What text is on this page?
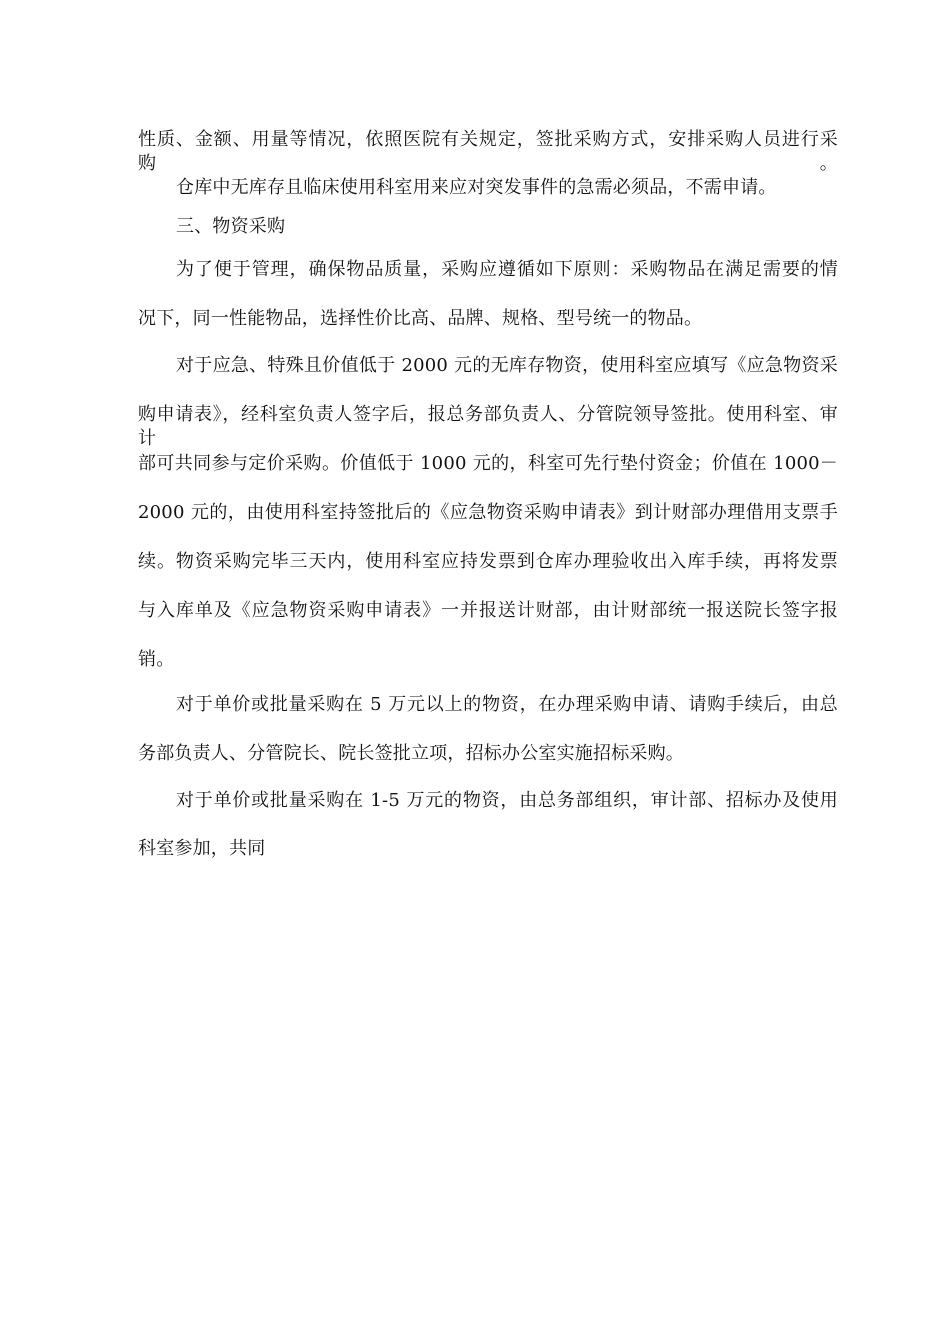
性质、金额、用量等情况，依照医院有关规定，签批采购方式，安排采购人员进行采购。
仓库中无库存且临床使用科室用来应对突发事件的急需必须品，不需申请。
三、物资采购
为了便于管理，确保物品质量，采购应遵循如下原则：采购物品在满足需要的情
况下，同一性能物品，选择性价比高、品牌、规格、型号统一的物品。
对于应急、特殊且价值低于 2000 元的无库存物资，使用科室应填写《应急物资采
购申请表》，经科室负责人签字后，报总务部负责人、分管院领导签批。使用科室、审计
部可共同参与定价采购。价值低于 1000 元的，科室可先行垫付资金；价值在 1000－
2000 元的，由使用科室持签批后的《应急物资采购申请表》到计财部办理借用支票手
续。物资采购完毕三天内，使用科室应持发票到仓库办理验收出入库手续，再将发票
与入库单及《应急物资采购申请表》一并报送计财部，由计财部统一报送院长签字报
销。
对于单价或批量采购在 5 万元以上的物资，在办理采购申请、请购手续后，由总
务部负责人、分管院长、院长签批立项，招标办公室实施招标采购。
对于单价或批量采购在 1-5 万元的物资，由总务部组织，审计部、招标办及使用
科室参加，共同
